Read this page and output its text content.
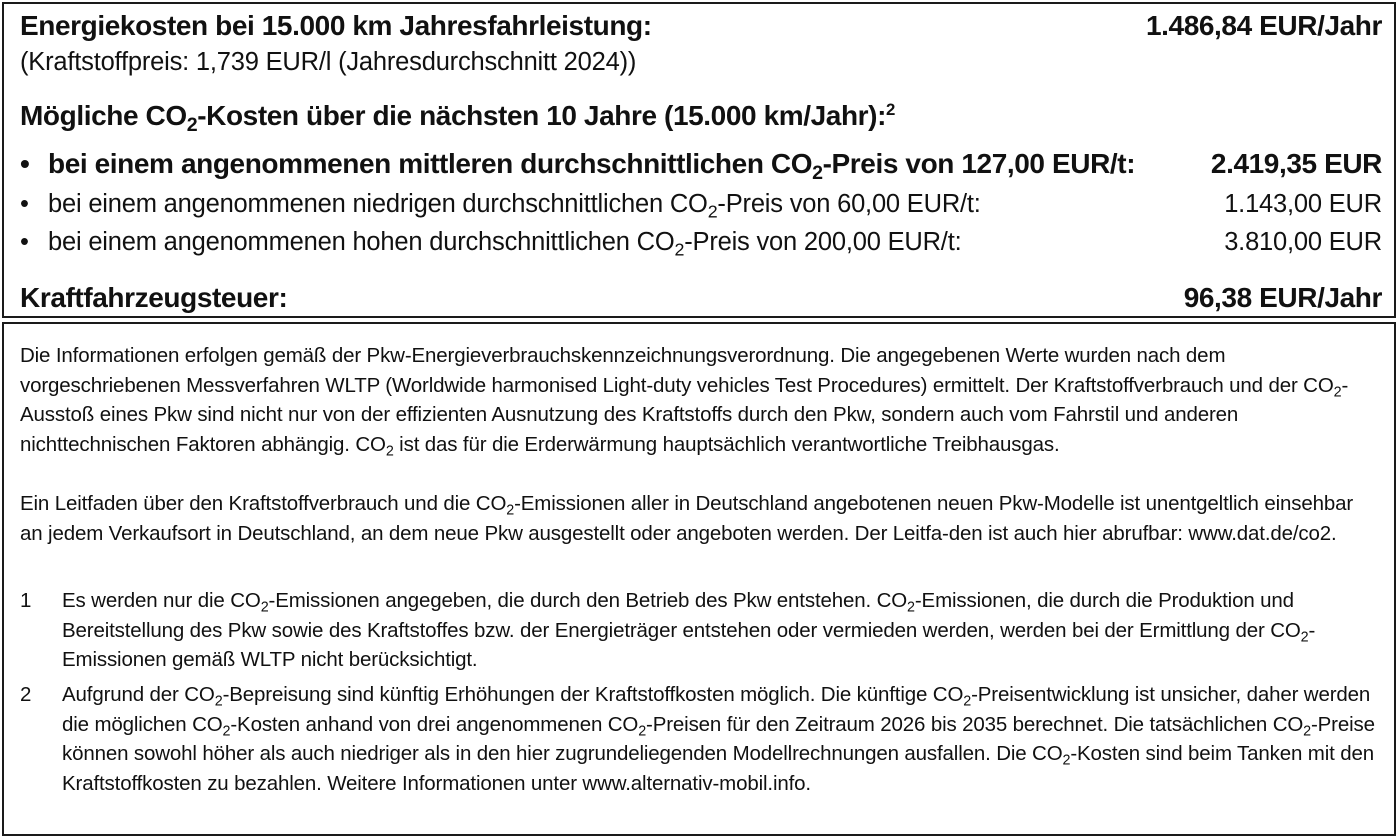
Energiekosten bei 15.000 km Jahresfahrleistung:	1.486,84 EUR/Jahr
(Kraftstoffpreis: 1,739 EUR/l (Jahresdurchschnitt 2024))
Mögliche $CO_2$-Kosten über die nächsten 10 Jahre (15.000 km/Jahr):$^2$
• bei einem angenommenen mittleren durchschnittlichen $CO_2$-Preis von 127,00 EUR/t:	2.419,35 EUR
• bei einem angenommenen niedrigen durchschnittlichen $CO_2$-Preis von 60,00 EUR/t:	1.143,00 EUR
• bei einem angenommenen hohen durchschnittlichen $CO_2$-Preis von 200,00 EUR/t:	3.810,00 EUR
Kraftfahrzeugsteuer:	96,38 EUR/Jahr
Die Informationen erfolgen gemäß der Pkw-Energieverbrauchskennzeichnungsverordnung. Die angegebenen Werte wurden nach dem vorgeschriebenen Messverfahren WLTP (Worldwide harmonised Light-duty vehicles Test Procedures) ermittelt. Der Kraftstoffverbrauch und der $CO_2$-Ausstoß eines Pkw sind nicht nur von der effizienten Ausnutzung des Kraftstoffs durch den Pkw, sondern auch vom Fahrstil und anderen nichttechnischen Faktoren abhängig. $CO_2$ ist das für die Erderwärmung hauptsächlich verantwortliche Treibhausgas.
Ein Leitfaden über den Kraftstoffverbrauch und die $CO_2$-Emissionen aller in Deutschland angebotenen neuen Pkw-Modelle ist unentgeltlich einsehbar an jedem Verkaufsort in Deutschland, an dem neue Pkw ausgestellt oder angeboten werden. Der Leitfa-den ist auch hier abrufbar: www.dat.de/co2.
1	Es werden nur die $CO_2$-Emissionen angegeben, die durch den Betrieb des Pkw entstehen. $CO_2$-Emissionen, die durch die Produktion und Bereitstellung des Pkw sowie des Kraftstoffes bzw. der Energieträger entstehen oder vermieden werden, werden bei der Ermittlung der $CO_2$-Emissionen gemäß WLTP nicht berücksichtigt.
2	Aufgrund der $CO_2$-Bepreisung sind künftig Erhöhungen der Kraftstoffkosten möglich. Die künftige $CO_2$-Preisentwicklung ist unsicher, daher werden die möglichen $CO_2$-Kosten anhand von drei angenommenen $CO_2$-Preisen für den Zeitraum 2026 bis 2035 berechnet. Die tatsächlichen $CO_2$-Preise können sowohl höher als auch niedriger als in den hier zugrundeliegenden Modellrechnungen ausfallen. Die $CO_2$-Kosten sind beim Tanken mit den Kraftstoffkosten zu bezahlen. Weitere Informationen unter www.alternativ-mobil.info.
